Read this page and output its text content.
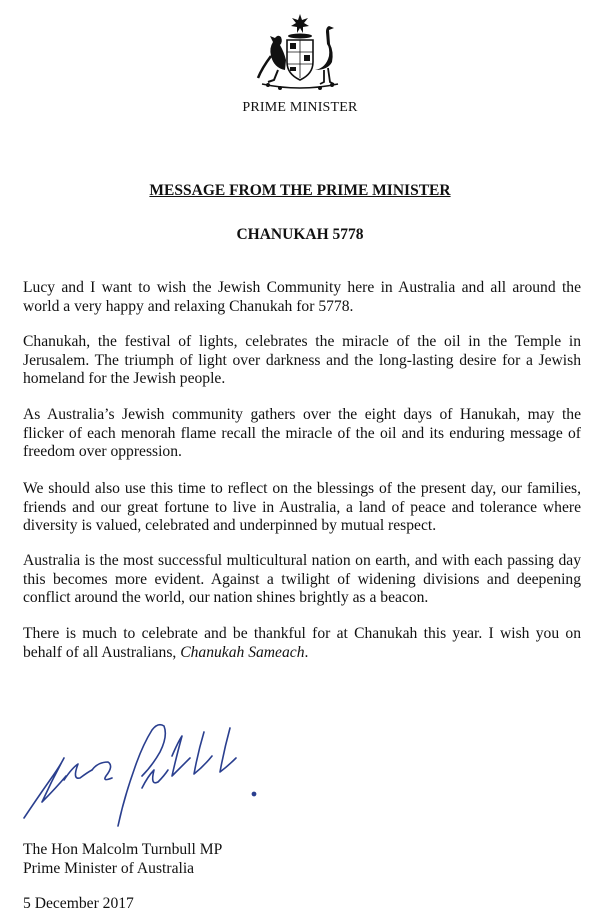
PRIME MINISTER
MESSAGE FROM THE PRIME MINISTER
CHANUKAH 5778

Lucy and I want to wish the Jewish Community here in Australia and all around the world a very happy and relaxing Chanukah for 5778.

Chanukah, the festival of lights, celebrates the miracle of the oil in the Temple in Jerusalem. The triumph of light over darkness and the long-lasting desire for a Jewish homeland for the Jewish people.

As Australia’s Jewish community gathers over the eight days of Hanukah, may the flicker of each menorah flame recall the miracle of the oil and its enduring message of freedom over oppression.

We should also use this time to reflect on the blessings of the present day, our families, friends and our great fortune to live in Australia, a land of peace and tolerance where diversity is valued, celebrated and underpinned by mutual respect.

Australia is the most successful multicultural nation on earth, and with each passing day this becomes more evident. Against a twilight of widening divisions and deepening conflict around the world, our nation shines brightly as a beacon.

There is much to celebrate and be thankful for at Chanukah this year. I wish you on behalf of all Australians, Chanukah Sameach.

The Hon Malcolm Turnbull MP
Prime Minister of Australia
5 December 2017
